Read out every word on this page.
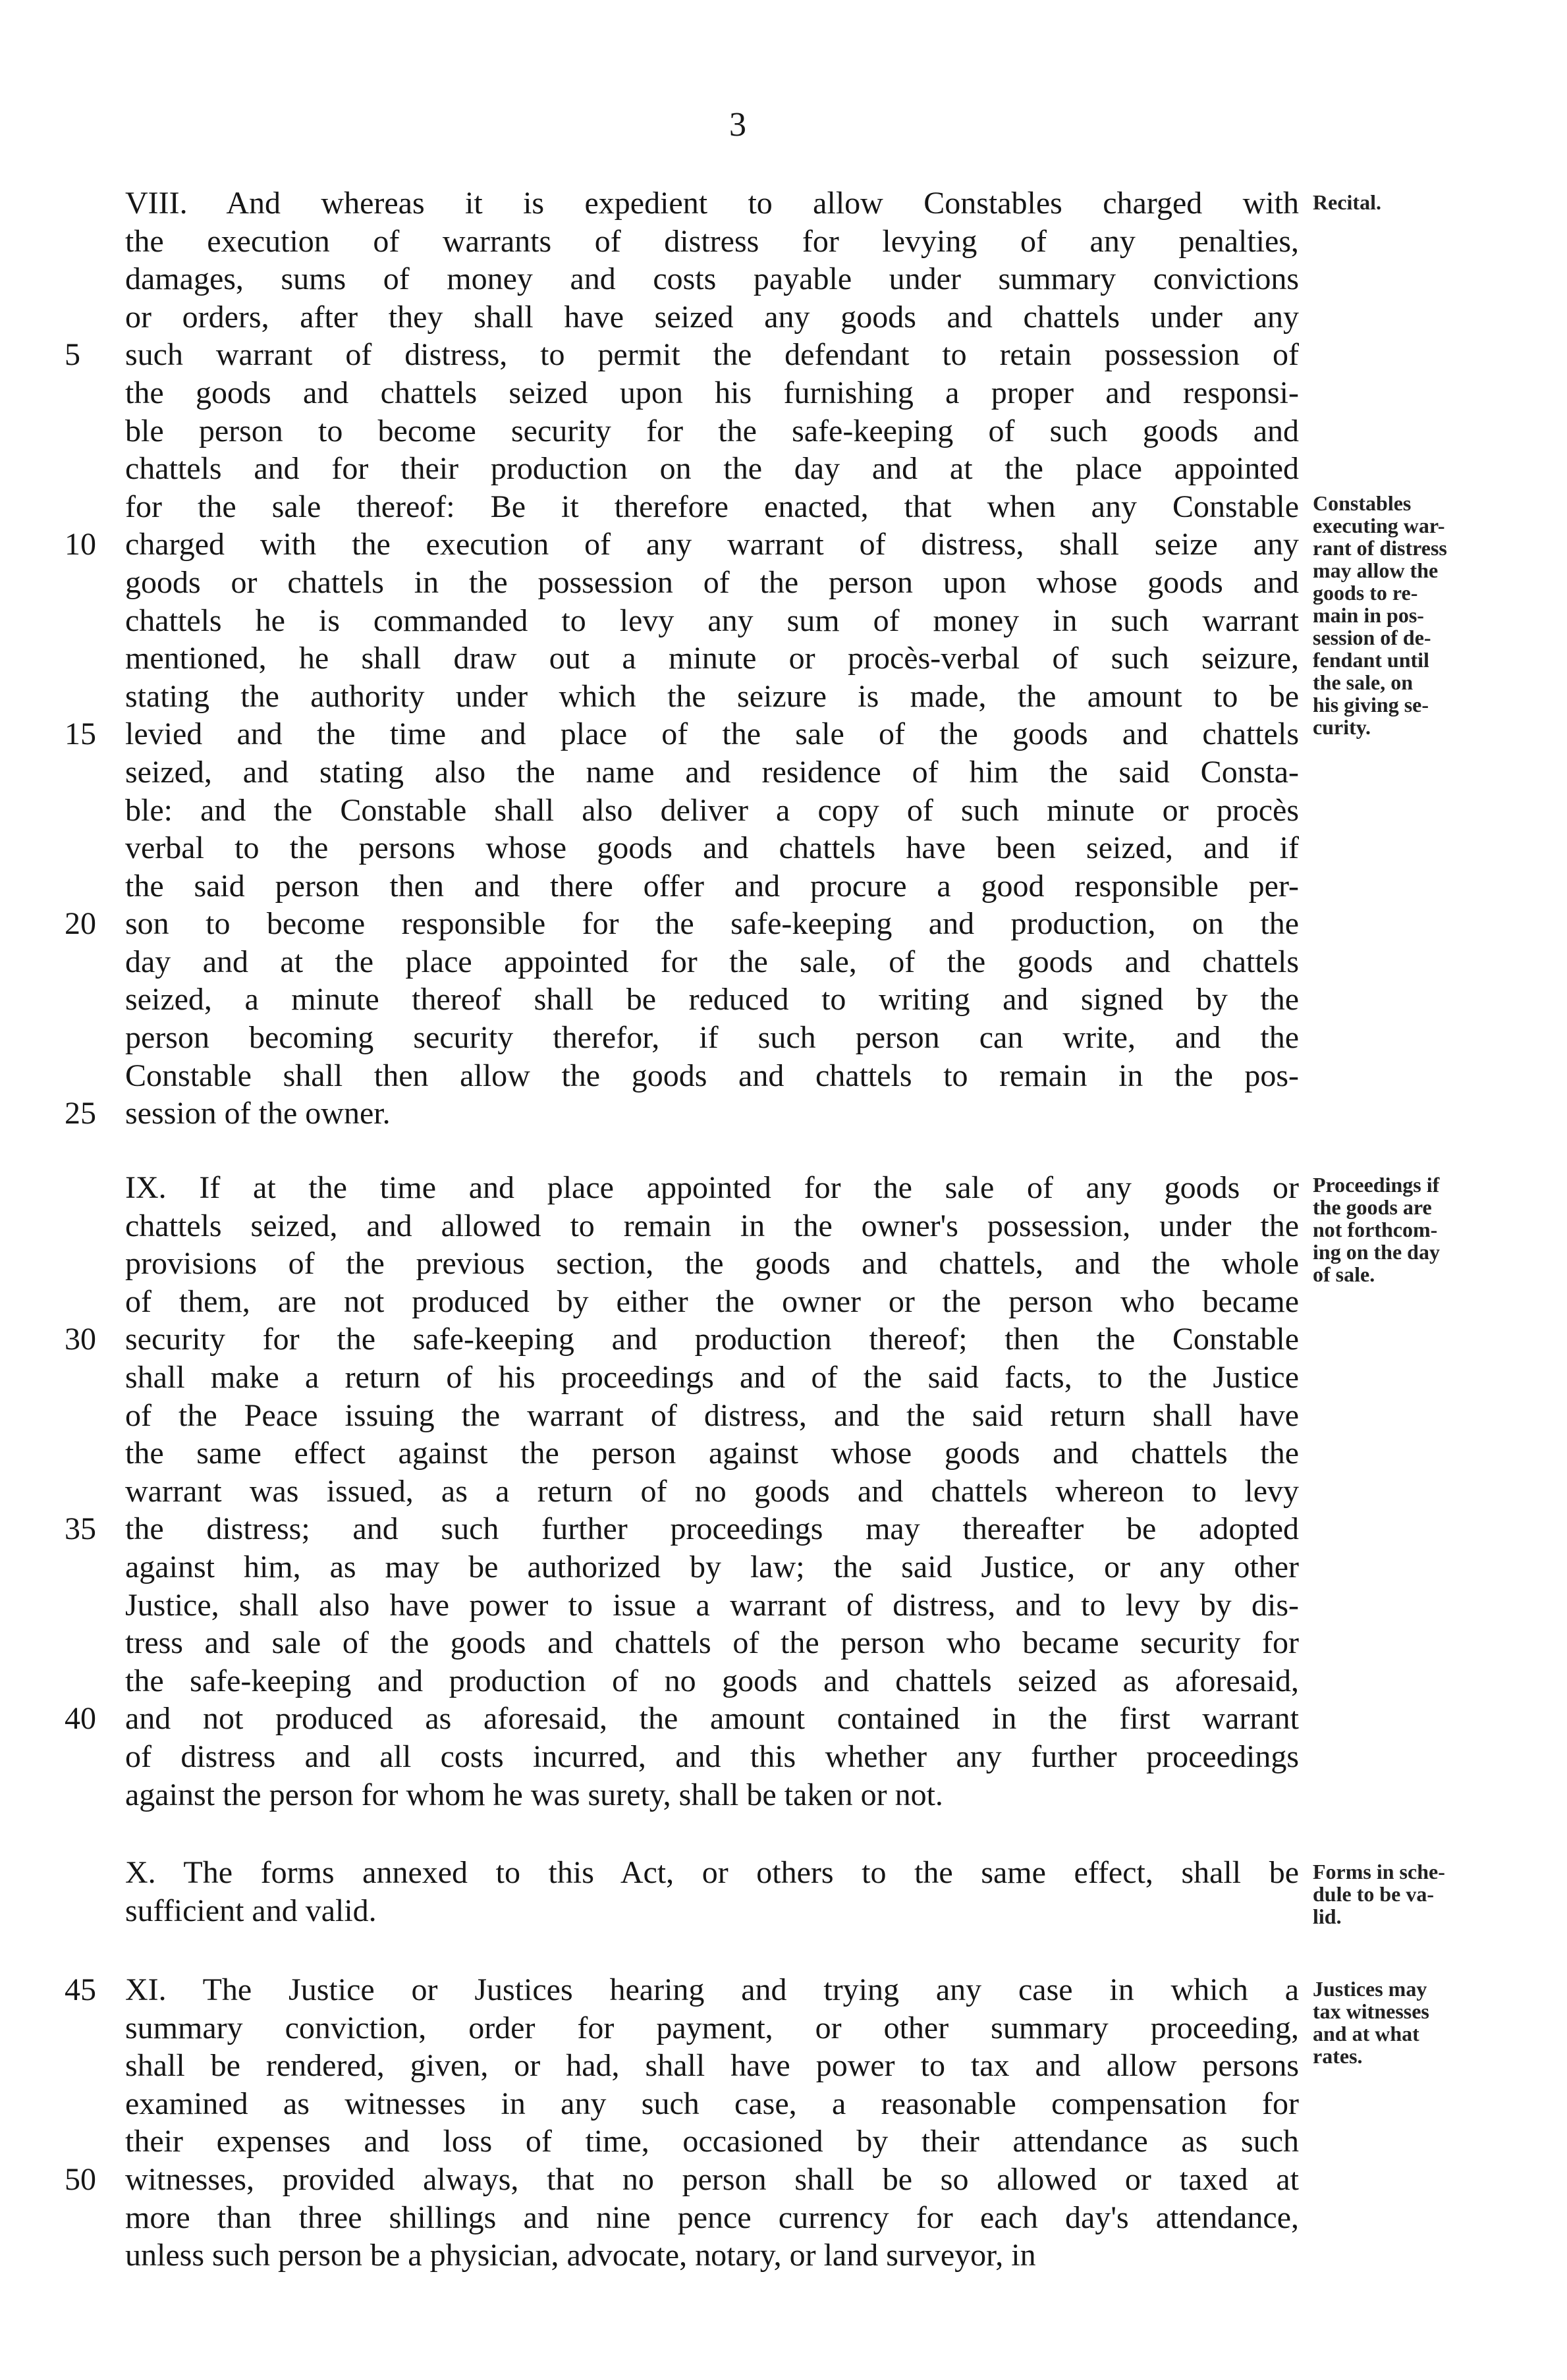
3
VIII. And whereas it is expedient to allow Constables charged with
the execution of warrants of distress for levying of any penalties,
damages, sums of money and costs payable under summary convictions
or orders, after they shall have seized any goods and chattels under any
5	such warrant of distress, to permit the defendant to retain possession of
the goods and chattels seized upon his furnishing a proper and responsi-
ble person to become security for the safe-keeping of such goods and
chattels and for their production on the day and at the place appointed
for the sale thereof: Be it therefore enacted, that when any Constable
10 charged with the execution of any warrant of distress, shall seize any
goods or chattels in the possession of the person upon whose goods and
chattels he is commanded to levy any sum of money in such warrant
mentioned, he shall draw out a minute or procès-verbal of such seizure,
stating the authority under which the seizure is made, the amount to be
15 levied and the time and place of the sale of the goods and chattels
seized, and stating also the name and residence of him the said Consta-
ble: and the Constable shall also deliver a copy of such minute or procès
verbal to the persons whose goods and chattels have been seized, and if
the said person then and there offer and procure a good responsible per-
20 son to become responsible for the safe-keeping and production, on the
day and at the place appointed for the sale, of the goods and chattels
seized, a minute thereof shall be reduced to writing and signed by the
person becoming security therefor, if such person can write, and the
Constable shall then allow the goods and chattels to remain in the pos-
25 session of the owner.
IX. If at the time and place appointed for the sale of any goods or
chattels seized, and allowed to remain in the owner's possession, under the
provisions of the previous section, the goods and chattels, and the whole
of them, are not produced by either the owner or the person who became
30 security for the safe-keeping and production thereof; then the Constable
shall make a return of his proceedings and of the said facts, to the Justice
of the Peace issuing the warrant of distress, and the said return shall have
the same effect against the person against whose goods and chattels the
warrant was issued, as a return of no goods and chattels whereon to levy
35 the distress; and such further proceedings may thereafter be adopted
against him, as may be authorized by law; the said Justice, or any other
Justice, shall also have power to issue a warrant of distress, and to levy by dis-
tress and sale of the goods and chattels of the person who became security for
the safe-keeping and production of no goods and chattels seized as aforesaid,
40 and not produced as aforesaid, the amount contained in the first warrant
of distress and all costs incurred, and this whether any further proceedings
against the person for whom he was surety, shall be taken or not.
X. The forms annexed to this Act, or others to the same effect, shall be
sufficient and valid.
45 XI. The Justice or Justices hearing and trying any case in which a
summary conviction, order for payment, or other summary proceeding,
shall be rendered, given, or had, shall have power to tax and allow persons
examined as witnesses in any such case, a reasonable compensation for
their expenses and loss of time, occasioned by their attendance as such
50 witnesses, provided always, that no person shall be so allowed or taxed at
more than three shillings and nine pence currency for each day's attendance,
unless such person be a physician, advocate, notary, or land surveyor, in
Recital.
Constables
executing war-
rant of distress
may allow the
goods to re-
main in pos-
session of de-
fendant until
the sale, on
his giving se-
curity.
Proceedings if
the goods are
not forthcom-
ing on the day
of sale.
Forms in sche-
dule to be va-
lid.
Justices may
tax witnesses
and at what
rates.
